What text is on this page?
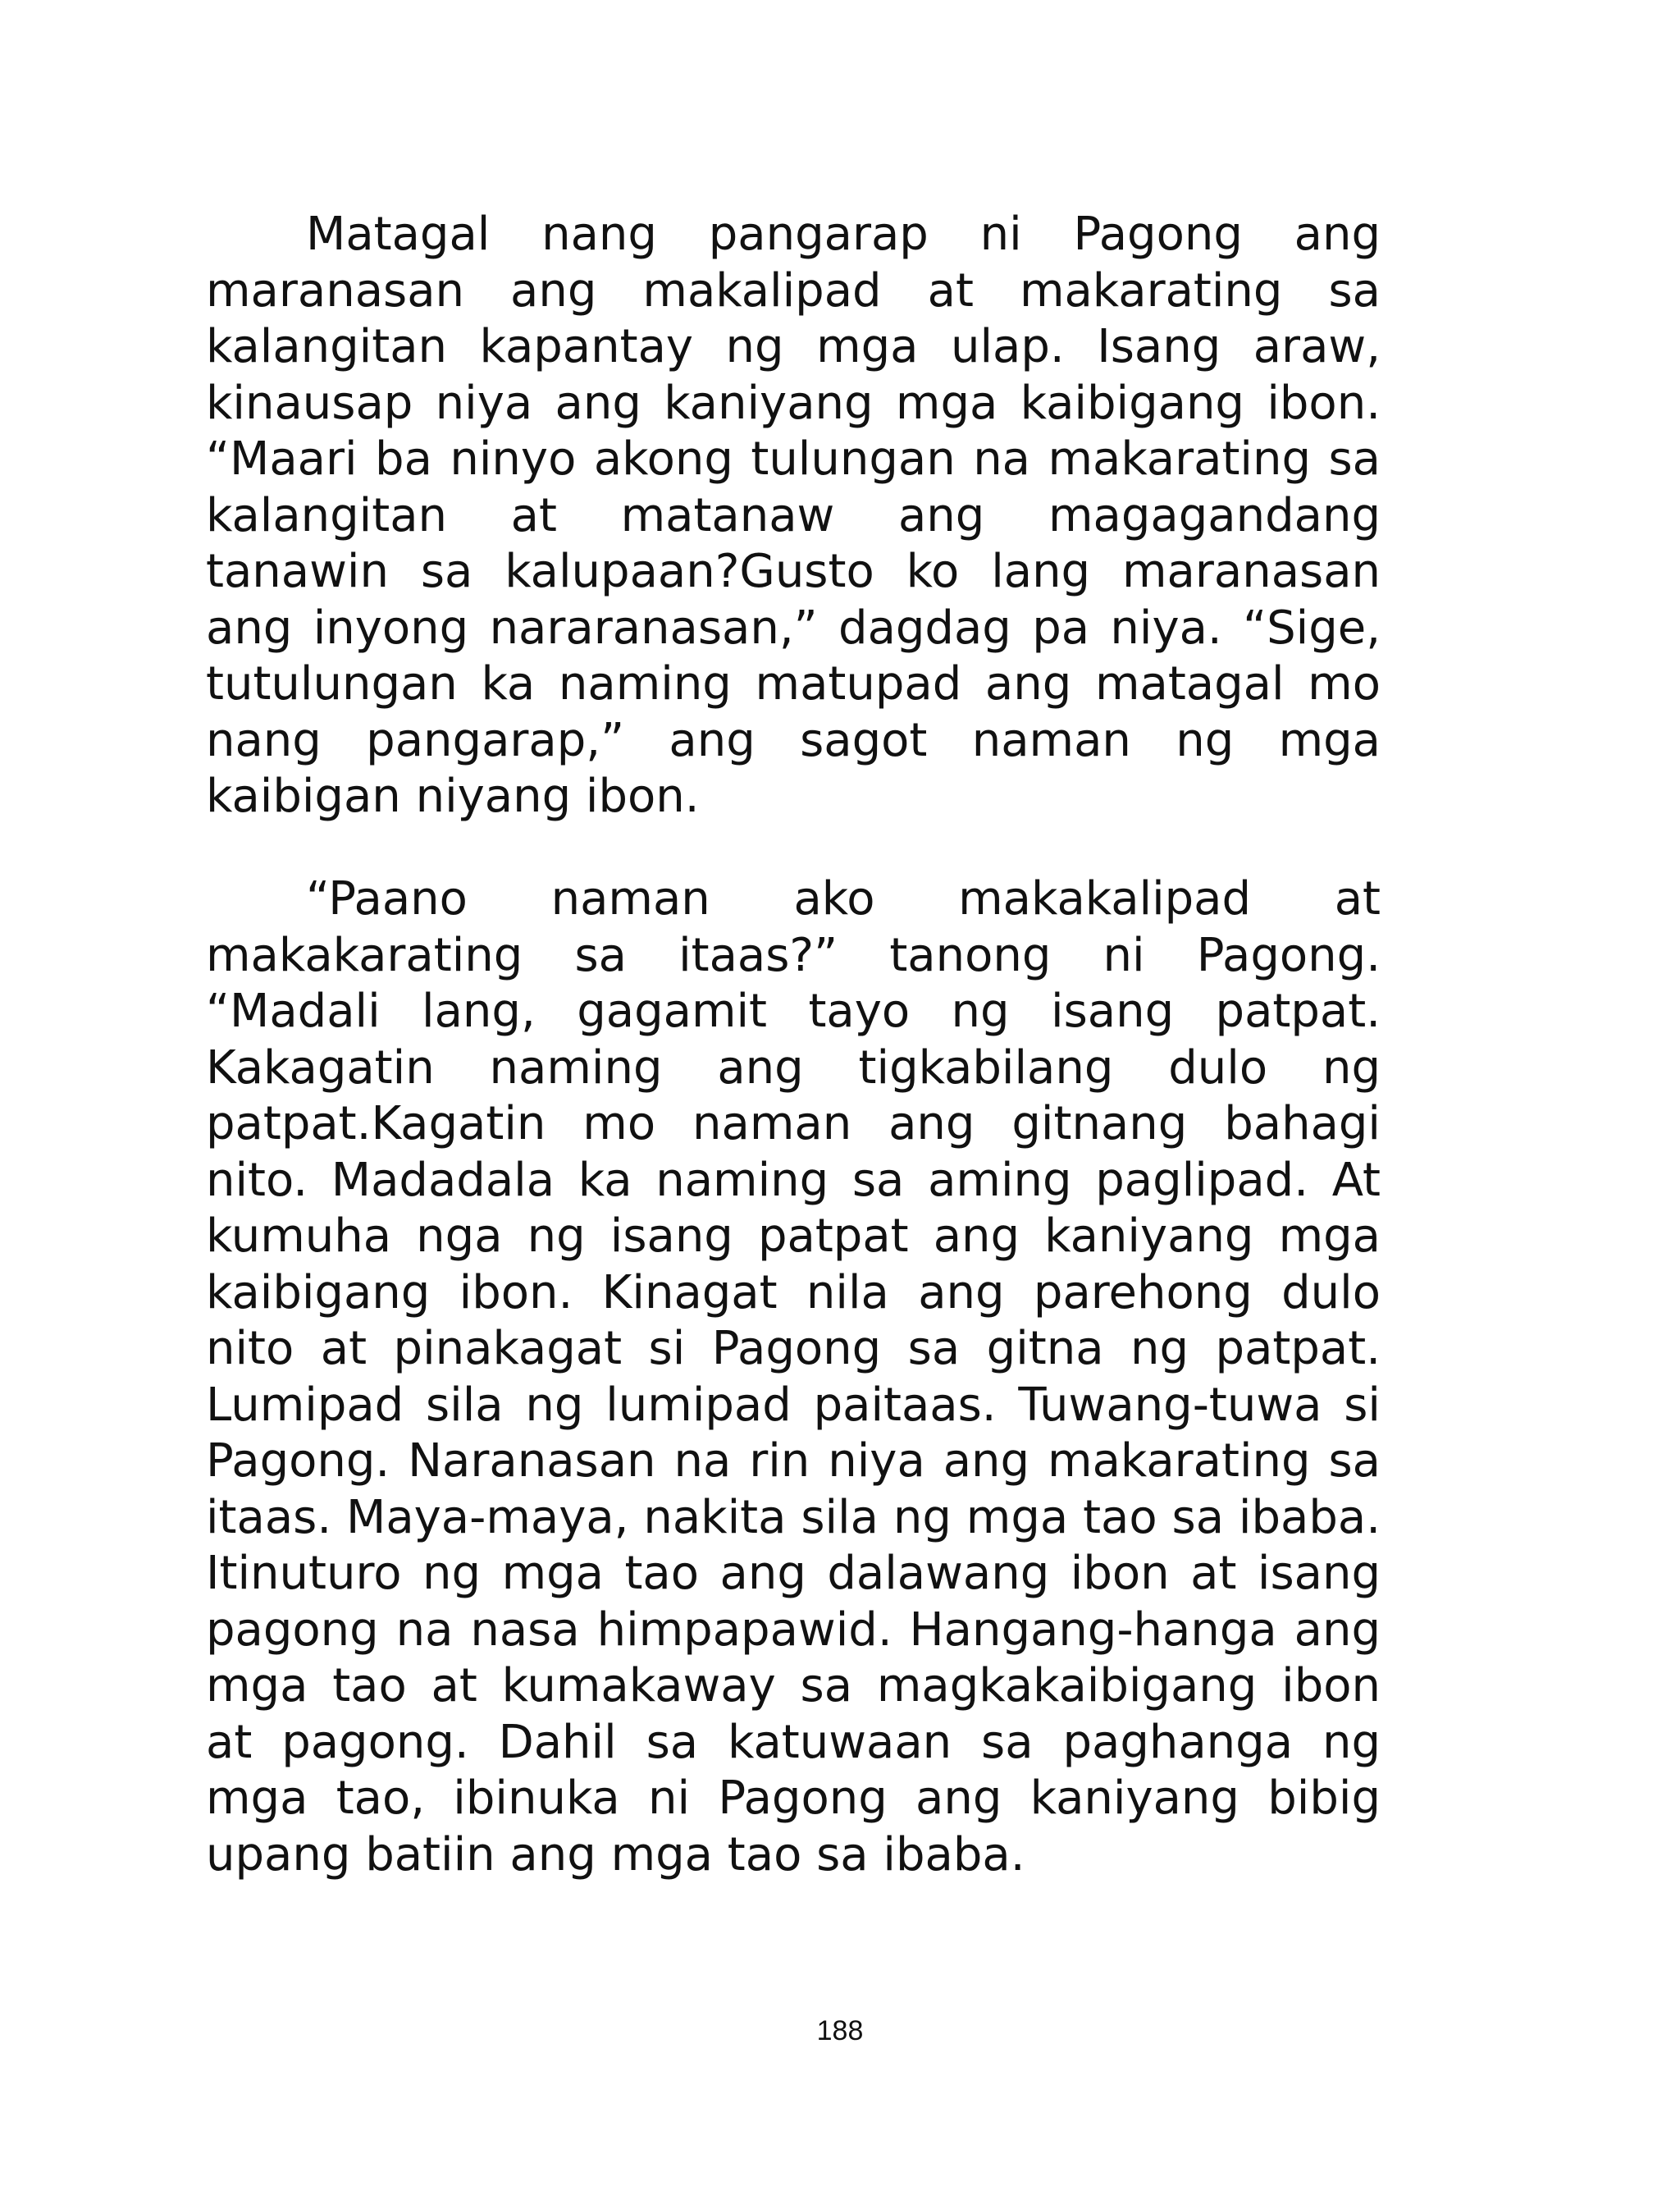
Matagal nang pangarap ni Pagong ang maranasan ang makalipad at makarating sa kalangitan kapantay ng mga ulap. Isang araw, kinausap niya ang kaniyang mga kaibigang ibon. “Maari ba ninyo akong tulungan na makarating sa kalangitan at matanaw ang magagandang tanawin sa kalupaan?Gusto ko lang maranasan ang inyong nararanasan,” dagdag pa niya. “Sige, tutulungan ka naming matupad ang matagal mo nang pangarap,” ang sagot naman ng mga kaibigan niyang ibon.

“Paano naman ako makakalipad at makakarating sa itaas?” tanong ni Pagong. “Madali lang, gagamit tayo ng isang patpat. Kakagatin naming ang tigkabilang dulo ng patpat.Kagatin mo naman ang gitnang bahagi nito. Madadala ka naming sa aming paglipad. At kumuha nga ng isang patpat ang kaniyang mga kaibigang ibon. Kinagat nila ang parehong dulo nito at pinakagat si Pagong sa gitna ng patpat. Lumipad sila ng lumipad paitaas. Tuwang-tuwa si Pagong. Naranasan na rin niya ang makarating sa itaas. Maya-maya, nakita sila ng mga tao sa ibaba. Itinuturo ng mga tao ang dalawang ibon at isang pagong na nasa himpapawid. Hangang-hanga ang mga tao at kumakaway sa magkakaibigang ibon at pagong. Dahil sa katuwaan sa paghanga ng mga tao, ibinuka ni Pagong ang kaniyang bibig upang batiin ang mga tao sa ibaba.

188
